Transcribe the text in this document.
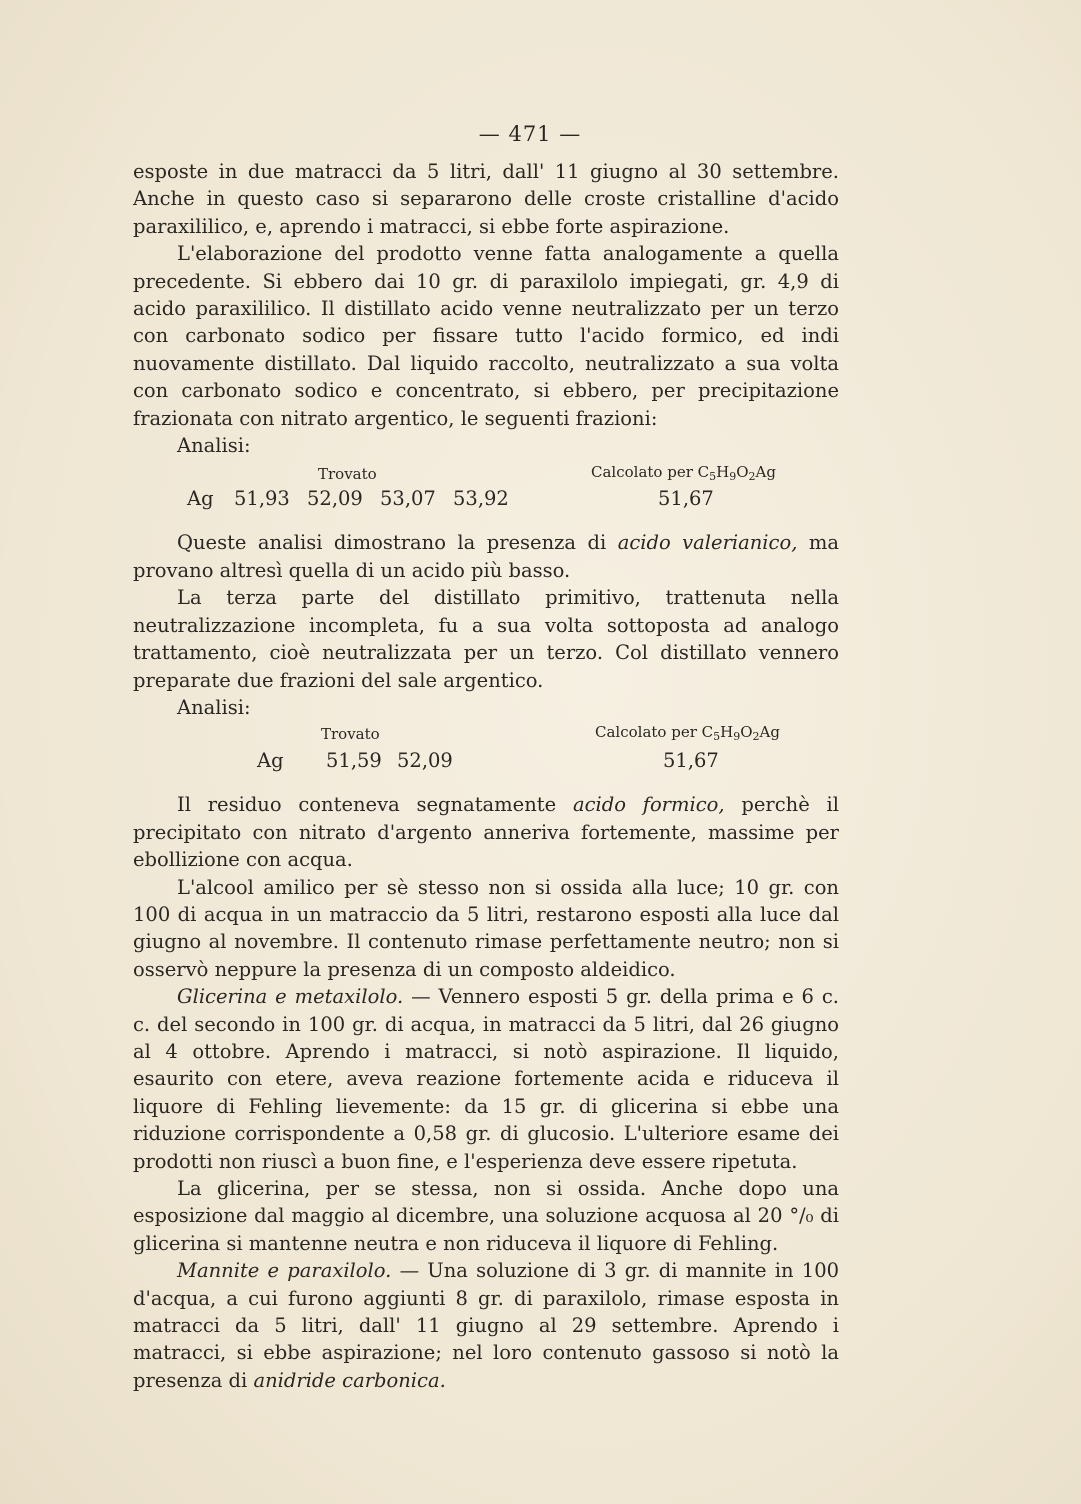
— 471 —

esposte in due matracci da 5 litri, dall' 11 giugno al 30 settembre. Anche in questo caso si separarono delle croste cristalline d'acido paraxililico, e, aprendo i matracci, si ebbe forte aspirazione.

L'elaborazione del prodotto venne fatta analogamente a quella precedente. Si ebbero dai 10 gr. di paraxilolo impiegati, gr. 4,9 di acido paraxililico. Il distillato acido venne neutralizzato per un terzo con carbonato sodico per fissare tutto l'acido formico, ed indi nuovamente distillato. Dal liquido raccolto, neutralizzato a sua volta con carbonato sodico e concentrato, si ebbero, per precipitazione frazionata con nitrato argentico, le seguenti frazioni:

Analisi:

Trovato	Calcolato per $C_5H_9O_2Ag$
Ag 51,93 52,09 53,07 53,92	51,67

Queste analisi dimostrano la presenza di acido valerianico, ma provano altresì quella di un acido più basso.

La terza parte del distillato primitivo, trattenuta nella neutralizzazione incompleta, fu a sua volta sottoposta ad analogo trattamento, cioè neutralizzata per un terzo. Col distillato vennero preparate due frazioni del sale argentico.

Analisi:

Trovato	Calcolato per $C_5H_9O_2Ag$
Ag 51,59 52,09	51,67

Il residuo conteneva segnatamente acido formico, perchè il precipitato con nitrato d'argento anneriva fortemente, massime per ebollizione con acqua.

L'alcool amilico per sè stesso non si ossida alla luce; 10 gr. con 100 di acqua in un matraccio da 5 litri, restarono esposti alla luce dal giugno al novembre. Il contenuto rimase perfettamente neutro; non si osservò neppure la presenza di un composto aldeidico.

Glicerina e metaxilolo. — Vennero esposti 5 gr. della prima e 6 c. c. del secondo in 100 gr. di acqua, in matracci da 5 litri, dal 26 giugno al 4 ottobre. Aprendo i matracci, si notò aspirazione. Il liquido, esaurito con etere, aveva reazione fortemente acida e riduceva il liquore di Fehling lievemente: da 15 gr. di glicerina si ebbe una riduzione corrispondente a 0,58 gr. di glucosio. L'ulteriore esame dei prodotti non riuscì a buon fine, e l'esperienza deve essere ripetuta.

La glicerina, per se stessa, non si ossida. Anche dopo una esposizione dal maggio al dicembre, una soluzione acquosa al 20 °/₀ di glicerina si mantenne neutra e non riduceva il liquore di Fehling.

Mannite e paraxilolo. — Una soluzione di 3 gr. di mannite in 100 d'acqua, a cui furono aggiunti 8 gr. di paraxilolo, rimase esposta in matracci da 5 litri, dall' 11 giugno al 29 settembre. Aprendo i matracci, si ebbe aspirazione; nel loro contenuto gassoso si notò la presenza di anidride carbonica.
